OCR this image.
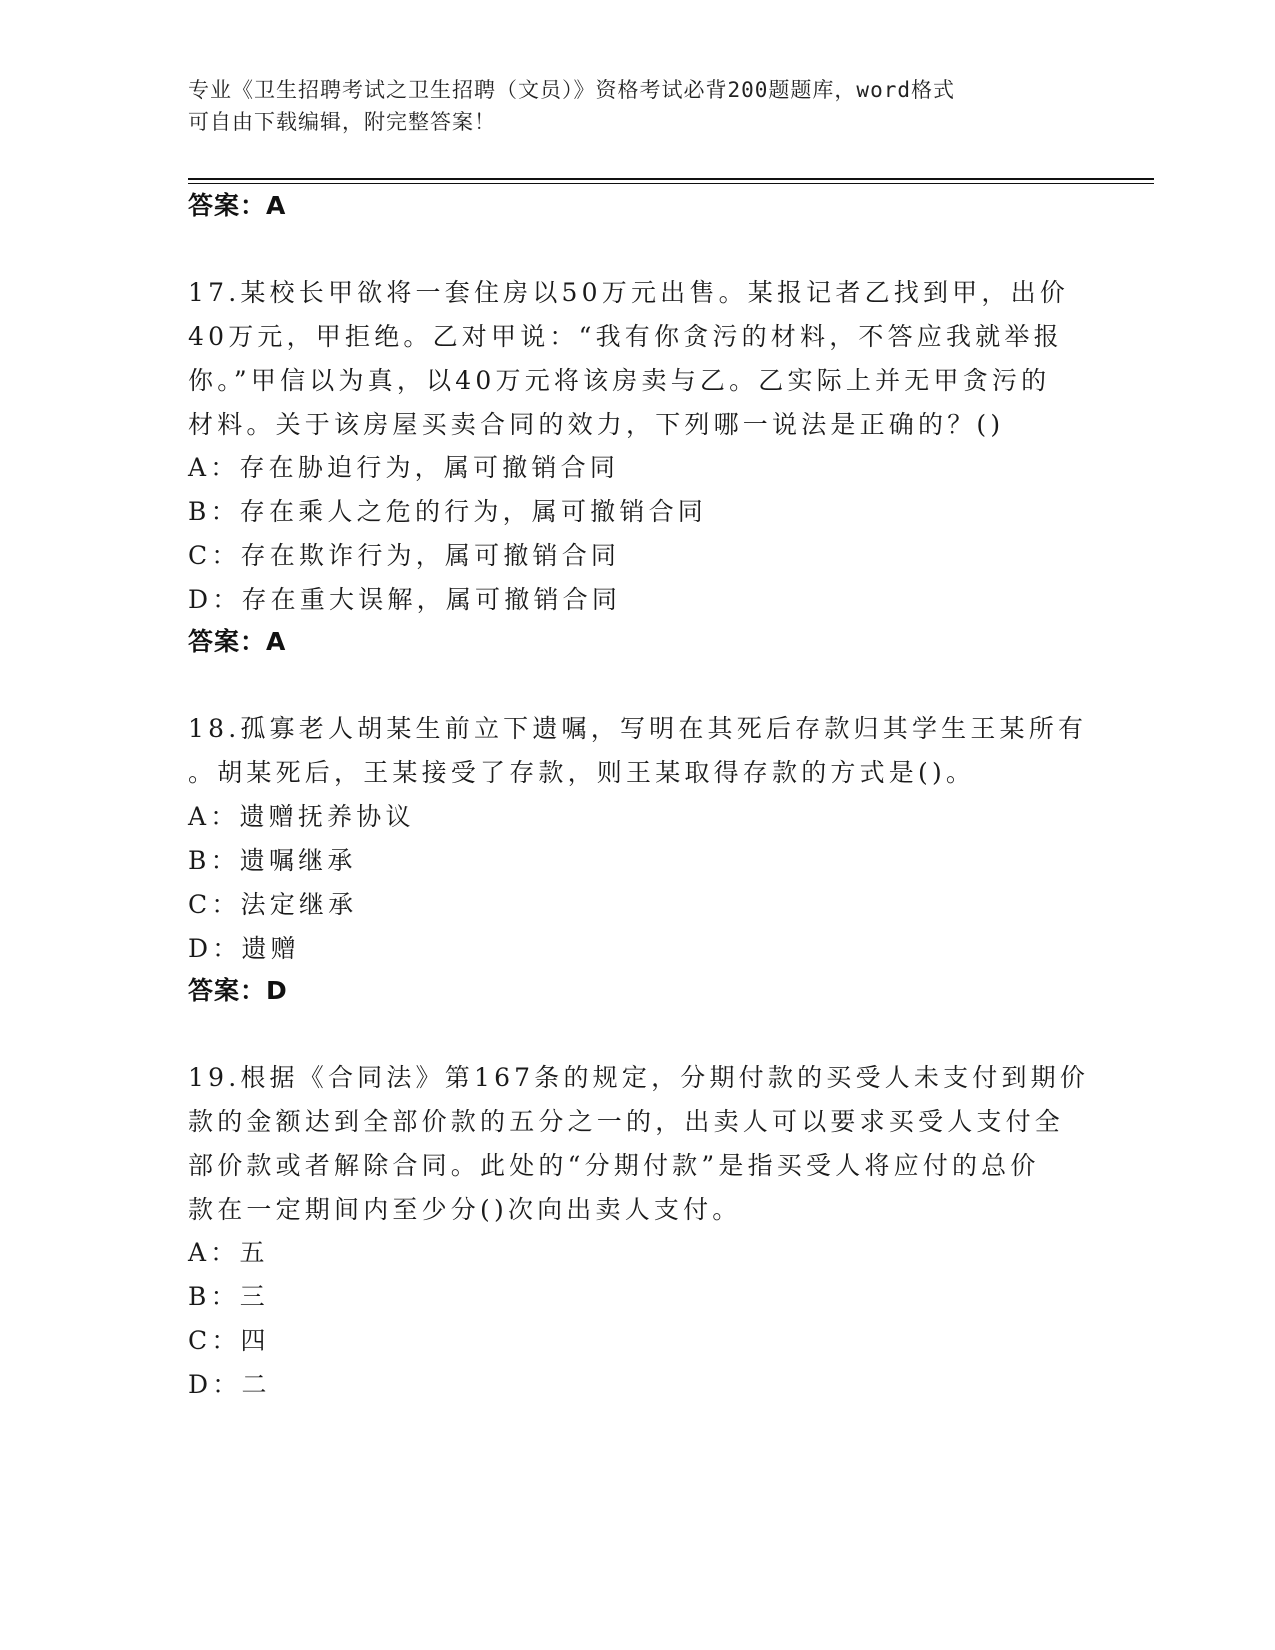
专业《卫生招聘考试之卫生招聘（文员）》资格考试必背200题题库，word格式
可自由下载编辑，附完整答案！
答案：A
17.某校长甲欲将一套住房以50万元出售。某报记者乙找到甲，出价
40万元，甲拒绝。乙对甲说：“我有你贪污的材料，不答应我就举报
你。”甲信以为真，以40万元将该房卖与乙。乙实际上并无甲贪污的
材料。关于该房屋买卖合同的效力，下列哪一说法是正确的？()
A：存在胁迫行为，属可撤销合同
B：存在乘人之危的行为，属可撤销合同
C：存在欺诈行为，属可撤销合同
D：存在重大误解，属可撤销合同
答案：A
18.孤寡老人胡某生前立下遗嘱，写明在其死后存款归其学生王某所有
。胡某死后，王某接受了存款，则王某取得存款的方式是()。
A：遗赠抚养协议
B：遗嘱继承
C：法定继承
D：遗赠
答案：D
19.根据《合同法》第167条的规定，分期付款的买受人未支付到期价
款的金额达到全部价款的五分之一的，出卖人可以要求买受人支付全
部价款或者解除合同。此处的“分期付款”是指买受人将应付的总价
款在一定期间内至少分()次向出卖人支付。
A：五
B：三
C：四
D：二
